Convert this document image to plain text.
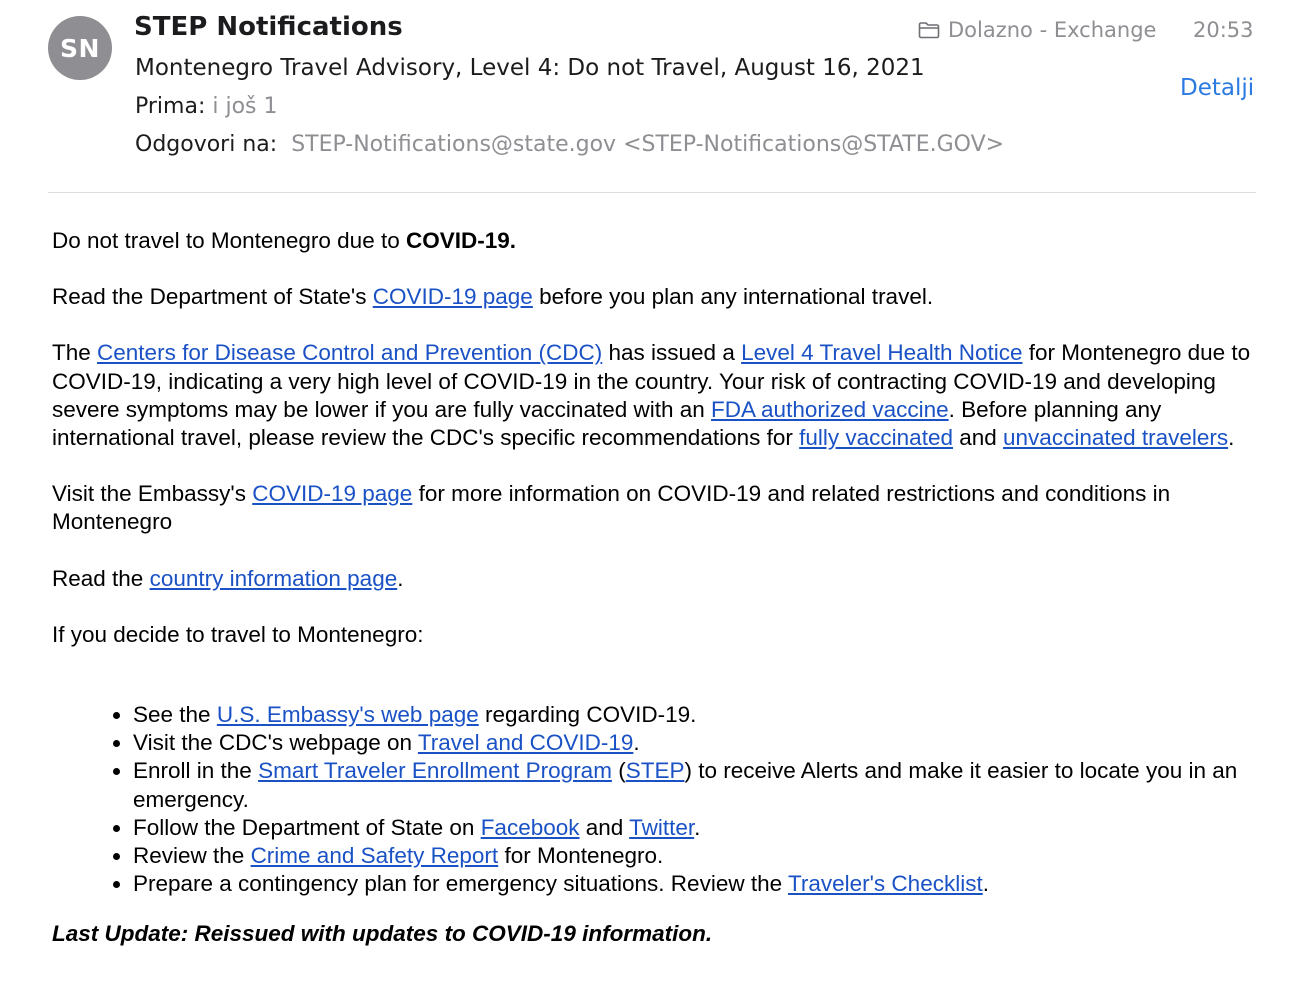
SN
STEP Notifications
Montenegro Travel Advisory, Level 4: Do not Travel, August 16, 2021
Prima: i još 1
Odgovori na: STEP-Notifications@state.gov <STEP-Notifications@STATE.GOV>
Dolazno - Exchange 20:53
Detalji

Do not travel to Montenegro due to COVID-19.

Read the Department of State's COVID-19 page before you plan any international travel.

The Centers for Disease Control and Prevention (CDC) has issued a Level 4 Travel Health Notice for Montenegro due to COVID-19, indicating a very high level of COVID-19 in the country. Your risk of contracting COVID-19 and developing severe symptoms may be lower if you are fully vaccinated with an FDA authorized vaccine. Before planning any international travel, please review the CDC's specific recommendations for fully vaccinated and unvaccinated travelers.

Visit the Embassy's COVID-19 page for more information on COVID-19 and related restrictions and conditions in Montenegro

Read the country information page.

If you decide to travel to Montenegro:

• See the U.S. Embassy's web page regarding COVID-19.
• Visit the CDC's webpage on Travel and COVID-19.
• Enroll in the Smart Traveler Enrollment Program (STEP) to receive Alerts and make it easier to locate you in an emergency.
• Follow the Department of State on Facebook and Twitter.
• Review the Crime and Safety Report for Montenegro.
• Prepare a contingency plan for emergency situations. Review the Traveler's Checklist.

Last Update: Reissued with updates to COVID-19 information.
